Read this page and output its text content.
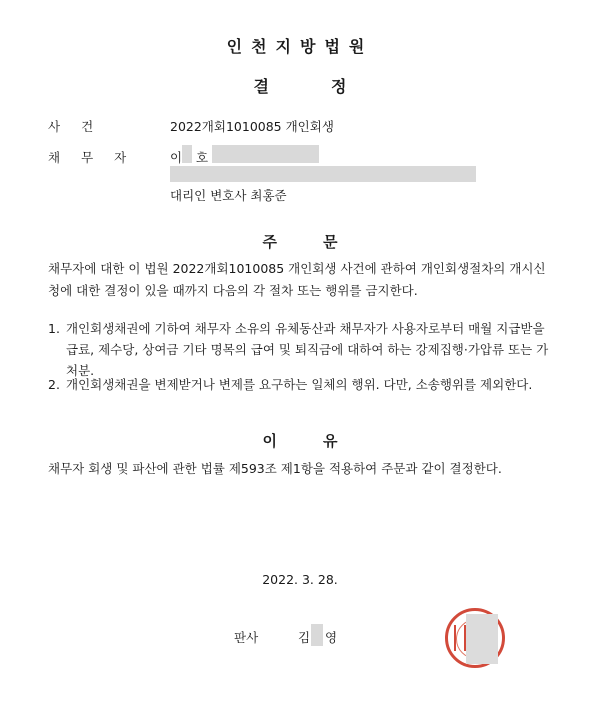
인천지방법원
결정
사건	2022개회1010085 개인회생
채무자 이 호
대리인 변호사 최홍준
주문
채무자에 대한 이 법원 2022개회1010085 개인회생 사건에 관하여 개인회생절차의 개시신청에 대한 결정이 있을 때까지 다음의 각 절차 또는 행위를 금지한다.
1. 개인회생채권에 기하여 채무자 소유의 유체동산과 채무자가 사용자로부터 매월 지급받을 급료, 제수당, 상여금 기타 명목의 급여 및 퇴직금에 대하여 하는 강제집행·가압류 또는 가처분.
2. 개인회생채권을 변제받거나 변제를 요구하는 일체의 행위. 다만, 소송행위를 제외한다.
이유
채무자 회생 및 파산에 관한 법률 제593조 제1항을 적용하여 주문과 같이 결정한다.
2022. 3. 28.
판사	김 영
